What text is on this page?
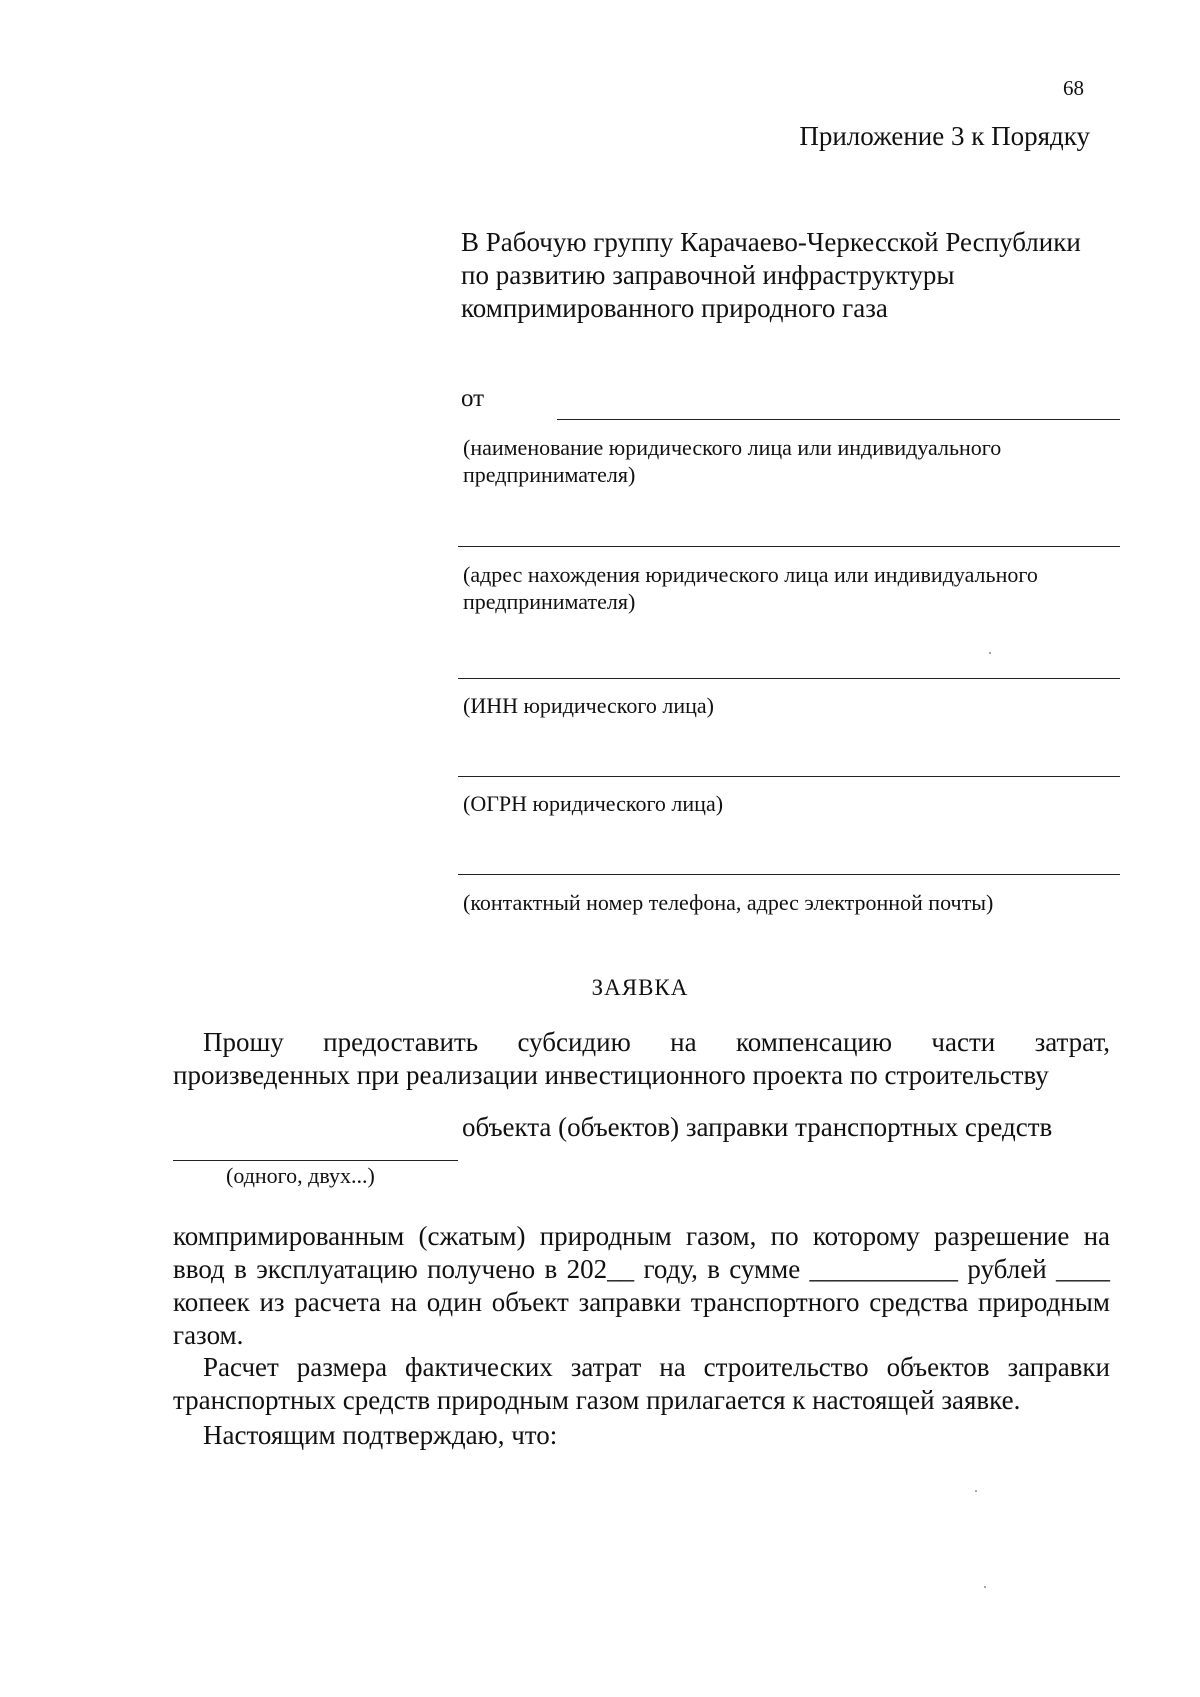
68
Приложение 3 к Порядку
В Рабочую группу Карачаево-Черкесской Республики по развитию заправочной инфраструктуры компримированного природного газа
от
(наименование юридического лица или индивидуального предпринимателя)
(адрес нахождения юридического лица или индивидуального предпринимателя)
(ИНН юридического лица)
(ОГРН юридического лица)
(контактный номер телефона, адрес электронной почты)
ЗАЯВКА
Прошу предоставить субсидию на компенсацию части затрат,
произведенных при реализации инвестиционного проекта по строительству
объекта (объектов) заправки транспортных средств
(одного, двух...)
компримированным (сжатым) природным газом, по которому разрешение на ввод в эксплуатацию получено в 202__ году, в сумме ___________ рублей ____ копеек из расчета на один объект заправки транспортного средства природным газом.
Расчет размера фактических затрат на строительство объектов заправки транспортных средств природным газом прилагается к настоящей заявке.
Настоящим подтверждаю, что:
